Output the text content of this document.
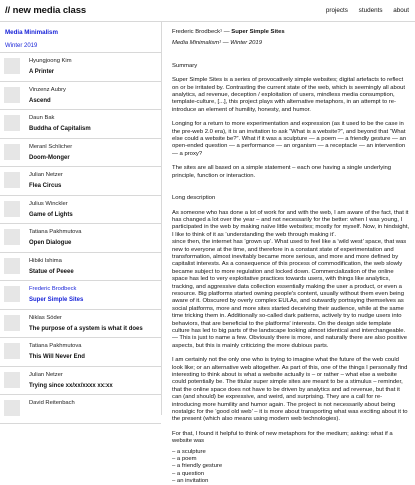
// new media class	projects students about
Media Minimalism
Winter 2019
Hyungjoong Kim
A Printer
Vinzenz Aubry
Ascend
Daun Bak
Buddha of Capitalism
Meranl Schlicher
Doom-Monger
Julian Netzer
Flea Circus
Julius Winckler
Game of Lights
Tatiana Pakhmutova
Open Dialogue
Hibiki Ishima
Statue of Peeee
Frederic Brodbeck
Super Simple Sites
Niklas Söder
The purpose of a system is what it does
Tatiana Pakhmutova
This Will Never End
Julian Netzer
Trying since xx/xx/xxxx xx:xx
David Reitenbach
Frederic Brodbeck¹ — Super Simple Sites
Media Minimalism¹ — Winter 2019
Summary

Super Simple Sites is a series of provocatively simple websites; digital artefacts to reflect on or be irritated by. Contrasting the current state of the web, which is seemingly all about analytics, ad revenue, deception / exploitation of users, mindless media consumption, template-culture, [...], this project plays with alternative metaphors, in an attempt to re-introduce an element of humility, honesty, and humor.

Longing for a return to more experimentation and expression (as it used to be the case in the pre-web 2.0 era), it is an invitation to ask “What is a website?”, and beyond that “What else could a website be?”. What if it was a sculpture — a poem — a friendly gesture — an open-ended question — a performance — an organism — a receptacle — an intervention — a proxy?

The sites are all based on a simple statement – each one having a single underlying principle, function or interaction.

Long description

As someone who has done a lot of work for and with the web, I am aware of the fact, that it has changed a lot over the year – and not necessarily for the better: when I was young, I participated in the web by making naïve little websites; mostly for myself. Now, in hindsight, I like to think of it as ‘understanding the web through making it’.

since then, the internet has ‘grown up’. What used to feel like a ‘wild west’ space, that was new to everyone at the time, and therefore in a constant state of experimentation and transformation, almost inevitably became more serious, and more and more defined by capitalist interests. As a consequence of this process of commodification, the web slowly became subject to more regulation and locked down. Commercialization of the online space has led to very exploitative practices towards users, with things like analytics, tracking, and aggressive data collection essentially making the user a product, or even a resource. Big platforms started owning people's content, usually without them even being aware of it. Obscured by overly complex EULAs, and outwardly portraying themselves as social platforms, more and more sites started deceiving their audience, while at the same time tricking them in. Additionally so-called dark patterns, actively try to nudge users into behaviors, that are beneficial to the platforms' interests. On the design side template culture has led to big parts of the landscape looking almost identical and interchangeable. — This is just to name a few. Obviously there is more, and naturally there are also positive aspects, but this is mainly criticizing the more dubious parts.

I am certainly not the only one who is trying to imagine what the future of the web could look like; or an alternative web altogether. As part of this, one of the things I personally find interesting to think about is what a website actually is – or rather – what else a website could potentially be. The titular super simple sites are meant to be a stimulus – reminder, that the online space does not have to be driven by analytics and ad revenue, but that it can (and should) be expressive, and weird, and surprising. They are a call for re-introducing more humility and humor again. The project is not necessarily about being nostalgic for the ‘good old web’ – it is more about transporting what was exciting about it to the present (which also means using modern web technologies).

For that, I found it helpful to think of new metaphors for the medium; asking: what if a website was

– a sculpture
– a poem
– a friendly gesture
– a question
– an invitation
